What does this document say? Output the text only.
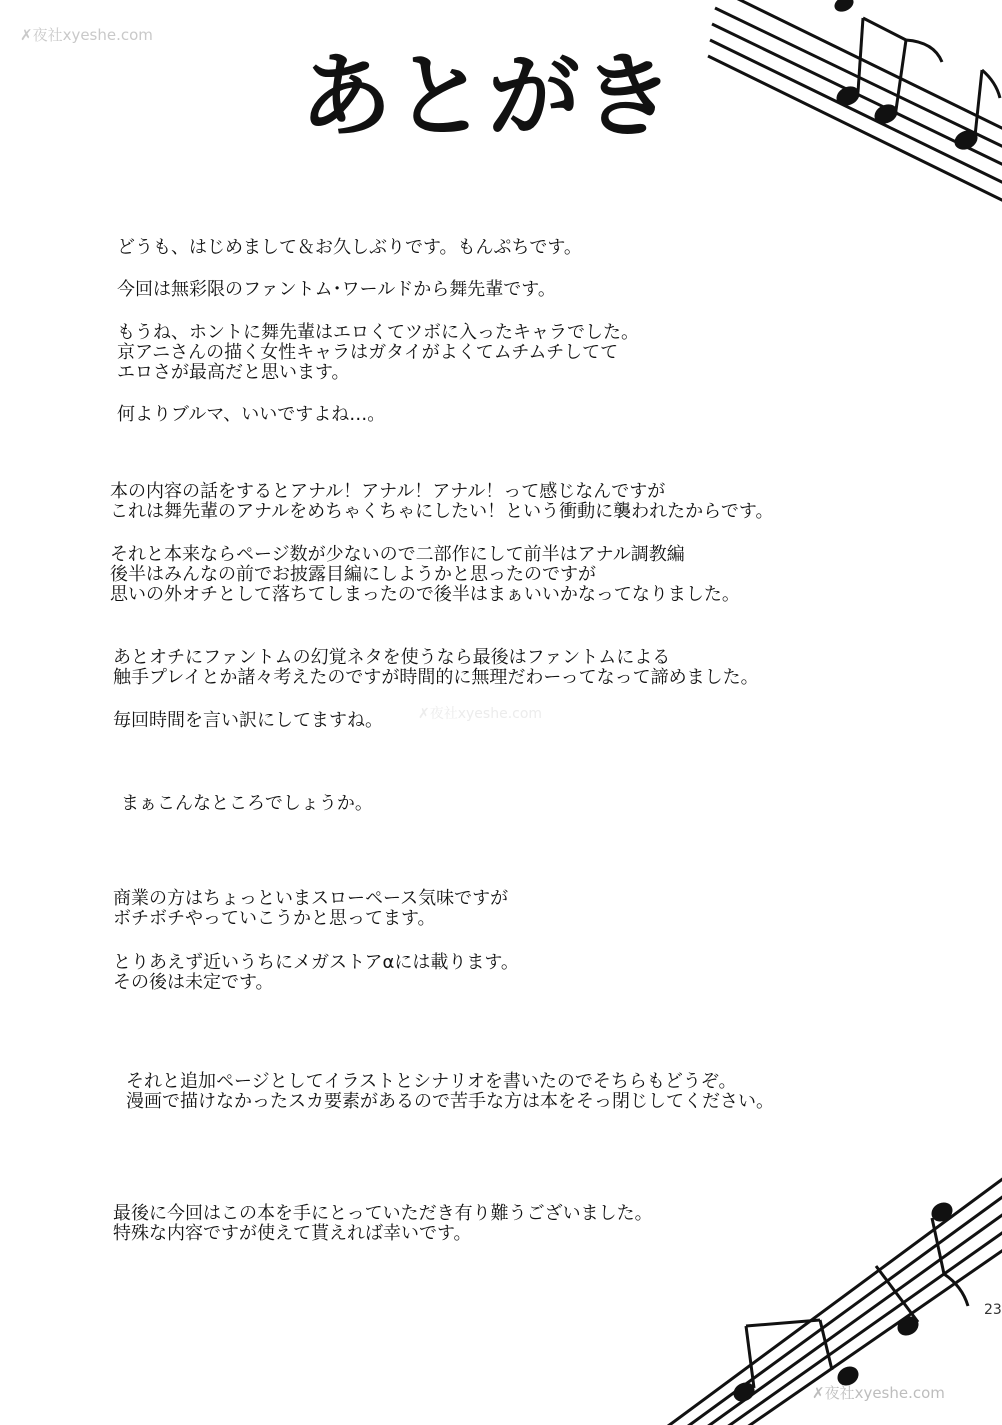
✗夜社xyeshe.com
✗夜社xyeshe.com
✗夜社xyeshe.com
あとがき
どうも、はじめまして＆お久しぶりです。もんぷちです。
今回は無彩限のファントム･ワールドから舞先輩です。
もうね、ホントに舞先輩はエロくてツボに入ったキャラでした。
京アニさんの描く女性キャラはガタイがよくてムチムチしてて
エロさが最高だと思います。
何よりブルマ、いいですよね…。
本の内容の話をするとアナル！アナル！アナル！って感じなんですが
これは舞先輩のアナルをめちゃくちゃにしたい！という衝動に襲われたからです。
それと本来ならページ数が少ないので二部作にして前半はアナル調教編
後半はみんなの前でお披露目編にしようかと思ったのですが
思いの外オチとして落ちてしまったので後半はまぁいいかなってなりました。
あとオチにファントムの幻覚ネタを使うなら最後はファントムによる
触手プレイとか諸々考えたのですが時間的に無理だわーってなって諦めました。
毎回時間を言い訳にしてますね。
まぁこんなところでしょうか。
商業の方はちょっといまスローペース気味ですが
ボチボチやっていこうかと思ってます。
とりあえず近いうちにメガストアαには載ります。
その後は未定です。
それと追加ページとしてイラストとシナリオを書いたのでそちらもどうぞ。
漫画で描けなかったスカ要素があるので苦手な方は本をそっ閉じしてください。
最後に今回はこの本を手にとっていただき有り難うございました。
特殊な内容ですが使えて貰えれば幸いです。
23
